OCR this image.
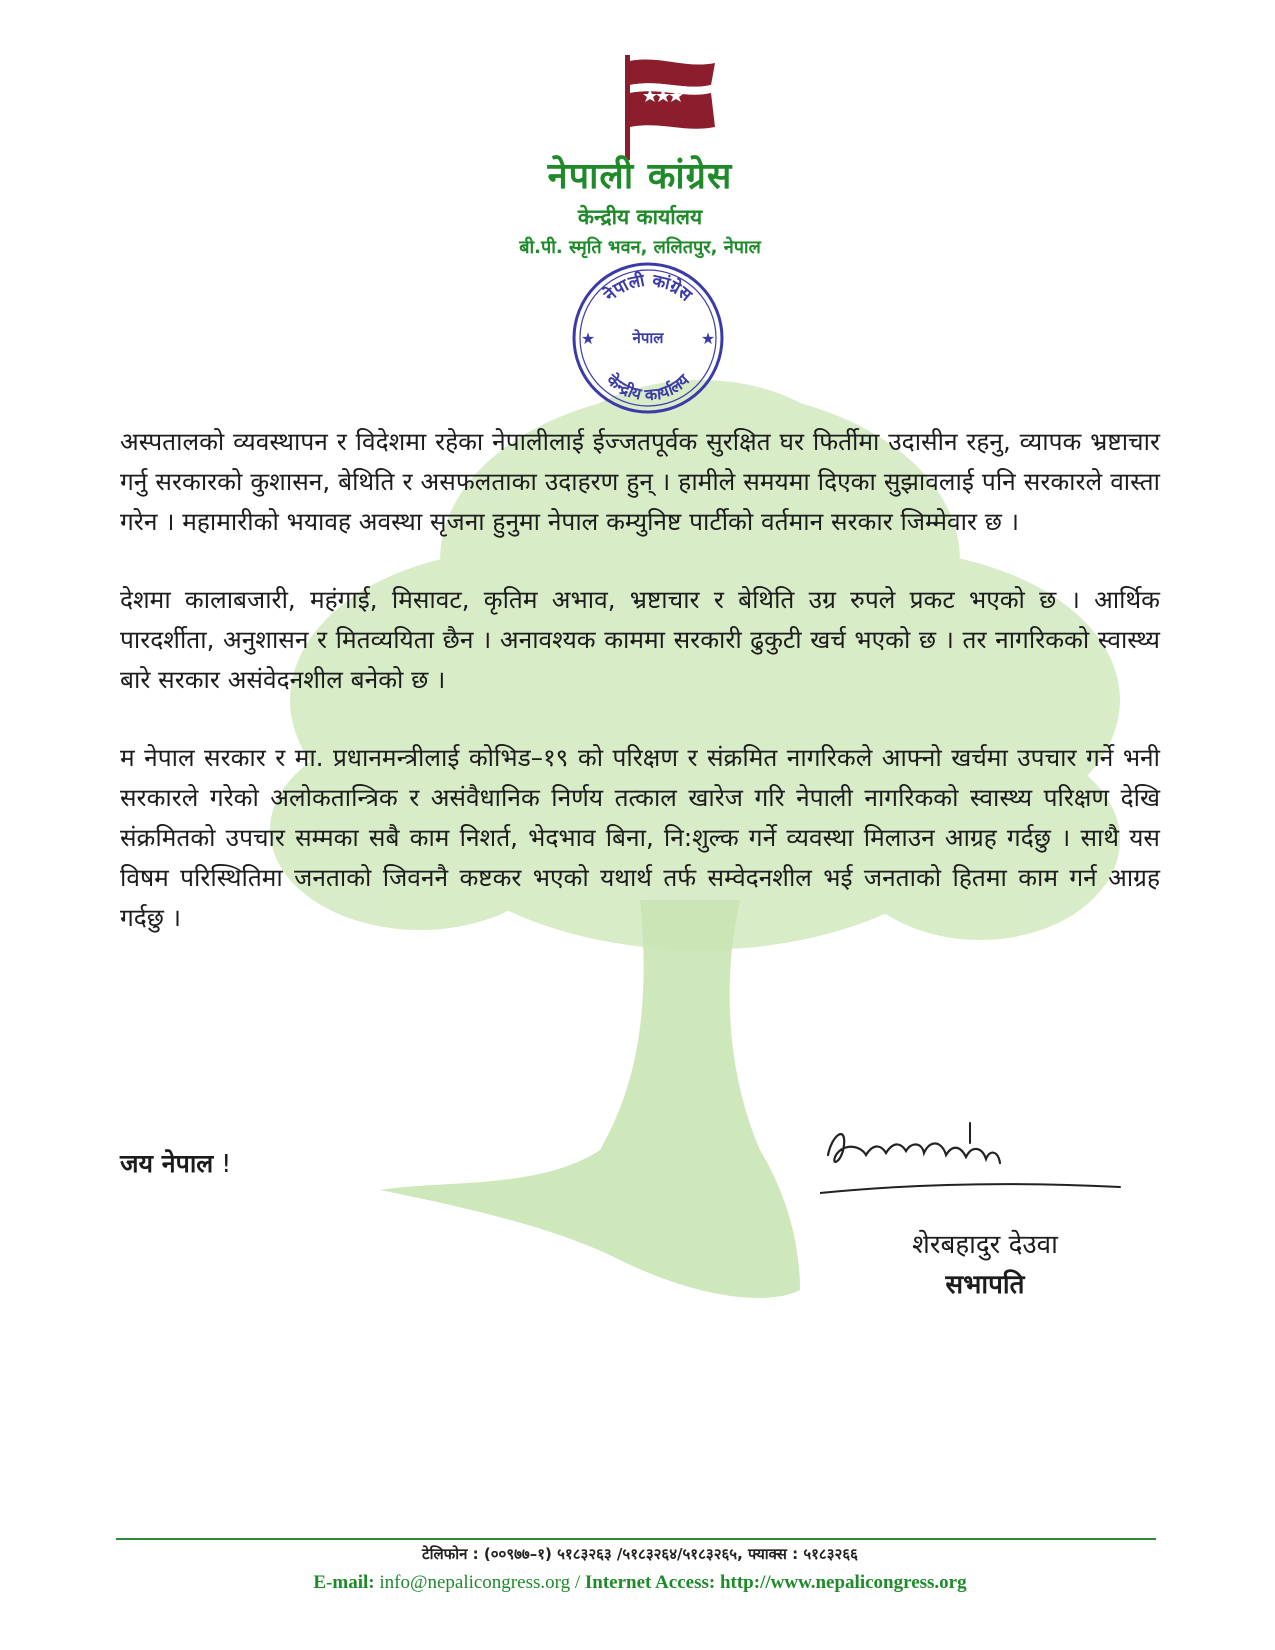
नेपाली कांग्रेस
केन्द्रीय कार्यालय
बी.पी. स्मृति भवन, ललितपुर, नेपाल
नेपाली कांग्रेस
नेपाल
केन्द्रीय कार्यालय
★	★

अस्पतालको व्यवस्थापन र विदेशमा रहेका नेपालीलाई ईज्जतपूर्वक सुरक्षित घर फिर्तीमा उदासीन रहनु, व्यापक भ्रष्टाचार गर्नु सरकारको कुशासन, बेथिति र असफलताका उदाहरण हुन् । हामीले समयमा दिएका सुझावलाई पनि सरकारले वास्ता गरेन । महामारीको भयावह अवस्था सृजना हुनुमा नेपाल कम्युनिष्ट पार्टीको वर्तमान सरकार जिम्मेवार छ ।

देशमा कालाबजारी, महंगाई, मिसावट, कृतिम अभाव, भ्रष्टाचार र बेथिति उग्र रुपले प्रकट भएको छ । आर्थिक पारदर्शीता, अनुशासन र मितव्ययिता छैन । अनावश्यक काममा सरकारी ढुकुटी खर्च भएको छ । तर नागरिकको स्वास्थ्य बारे सरकार असंवेदनशील बनेको छ ।

म नेपाल सरकार र मा. प्रधानमन्त्रीलाई कोभिड–१९ को परिक्षण र संक्रमित नागरिकले आफ्नो खर्चमा उपचार गर्ने भनी सरकारले गरेको अलोकतान्त्रिक र असंवैधानिक निर्णय तत्काल खारेज गरि नेपाली नागरिकको स्वास्थ्य परिक्षण देखि संक्रमितको उपचार सम्मका सबै काम निशर्त, भेदभाव बिना, नि:शुल्क गर्ने व्यवस्था मिलाउन आग्रह गर्दछु । साथै यस विषम परिस्थितिमा जनताको जिवननै कष्टकर भएको यथार्थ तर्फ सम्वेदनशील भई जनताको हितमा काम गर्न आग्रह गर्दछु ।

जय नेपाल !
शेरबहादुर देउवा
सभापति
टेलिफोन : (००९७७–१) ५१८३२६३ /५१८३२६४/५१८३२६५, फ्याक्स : ५१८३२६६
E-mail: info@nepalicongress.org / Internet Access: http://www.nepalicongress.org
